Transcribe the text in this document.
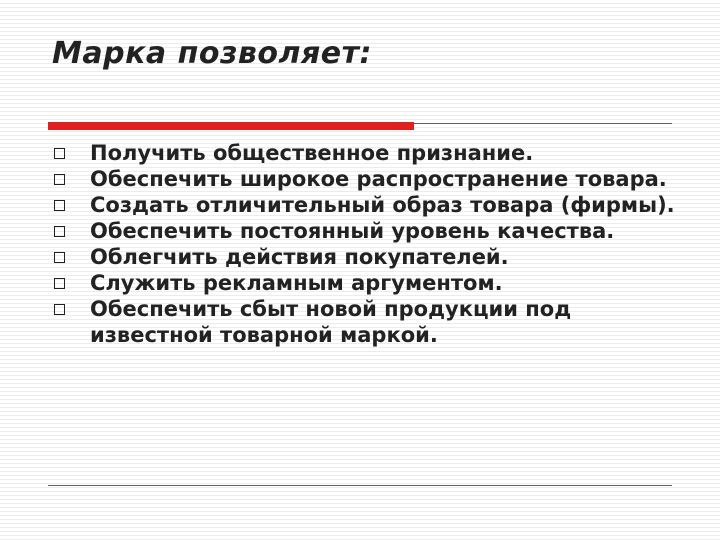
Марка позволяет:
Получить общественное признание.
Обеспечить широкое распространение товара.
Создать отличительный образ товара (фирмы).
Обеспечить постоянный уровень качества.
Облегчить действия покупателей.
Служить рекламным аргументом.
Обеспечить сбыт новой продукции под известной товарной маркой.
